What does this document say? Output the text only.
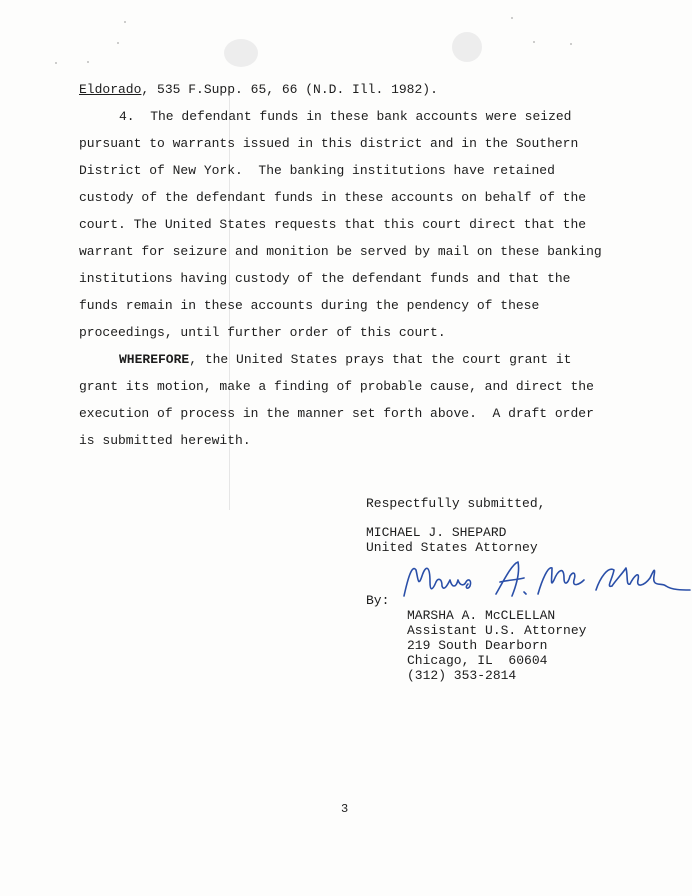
Eldorado , 535 F.Supp. 65, 66 (N.D. Ill. 1982).
4.  The defendant funds in these bank accounts were seized
pursuant to warrants issued in this district and in the Southern
District of New York.  The banking institutions have retained
custody of the defendant funds in these accounts on behalf of the
court. The United States requests that this court direct that the
warrant for seizure and monition be served by mail on these banking
institutions having custody of the defendant funds and that the
funds remain in these accounts during the pendency of these
proceedings, until further order of this court.
WHEREFORE , the United States prays that the court grant it
grant its motion, make a finding of probable cause, and direct the
execution of process in the manner set forth above.  A draft order
is submitted herewith.
Respectfully submitted,
MICHAEL J. SHEPARD
United States Attorney
By:
MARSHA A. McCLELLAN
Assistant U.S. Attorney
219 South Dearborn
Chicago, IL  60604
(312) 353-2814
3
